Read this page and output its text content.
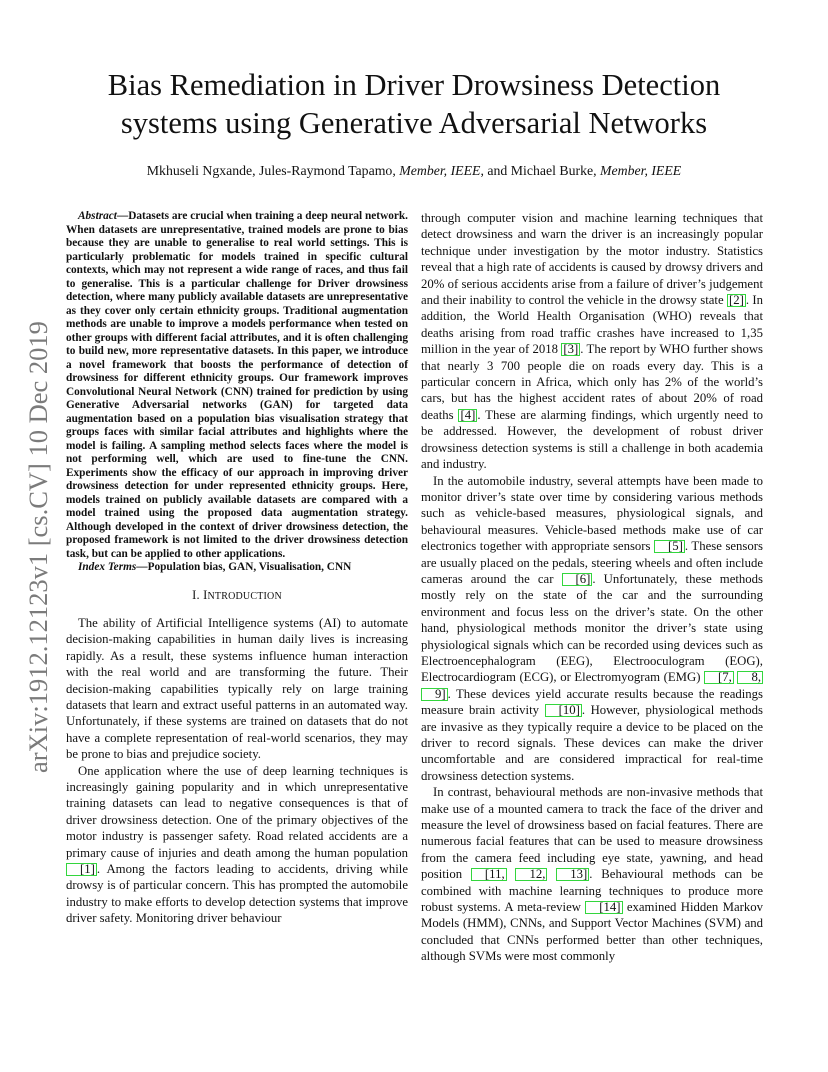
arXiv:1912.12123v1 [cs.CV] 10 Dec 2019
Bias Remediation in Driver Drowsiness Detection
systems using Generative Adversarial Networks
Mkhuseli Ngxande, Jules-Raymond Tapamo, Member, IEEE, and Michael Burke, Member, IEEE

Abstract—Datasets are crucial when training a deep neural network. When datasets are unrepresentative, trained models are prone to bias because they are unable to generalise to real world settings. This is particularly problematic for models trained in specific cultural contexts, which may not represent a wide range of races, and thus fail to generalise. This is a particular challenge for Driver drowsiness detection, where many publicly available datasets are unrepresentative as they cover only certain ethnicity groups. Traditional augmentation methods are unable to improve a models performance when tested on other groups with different facial attributes, and it is often challenging to build new, more representative datasets. In this paper, we introduce a novel framework that boosts the performance of detection of drowsiness for different ethnicity groups. Our framework improves Convolutional Neural Network (CNN) trained for prediction by using Generative Adversarial networks (GAN) for targeted data augmentation based on a population bias visualisation strategy that groups faces with similar facial attributes and highlights where the model is failing. A sampling method selects faces where the model is not performing well, which are used to fine-tune the CNN. Experiments show the efficacy of our approach in improving driver drowsiness detection for under represented ethnicity groups. Here, models trained on publicly available datasets are compared with a model trained using the proposed data augmentation strategy. Although developed in the context of driver drowsiness detection, the proposed framework is not limited to the driver drowsiness detection task, but can be applied to other applications.

Index Terms—Population bias, GAN, Visualisation, CNN

I. INTRODUCTION

The ability of Artificial Intelligence systems (AI) to automate decision-making capabilities in human daily lives is increasing rapidly. As a result, these systems influence human interaction with the real world and are transforming the future. Their decision-making capabilities typically rely on large training datasets that learn and extract useful patterns in an automated way. Unfortunately, if these systems are trained on datasets that do not have a complete representation of real-world scenarios, they may be prone to bias and prejudice society.

One application where the use of deep learning techniques is increasingly gaining popularity and in which unrepresentative training datasets can lead to negative consequences is that of driver drowsiness detection. One of the primary objectives of the motor industry is passenger safety. Road related accidents are a primary cause of injuries and death among the human population [1] . Among the factors leading to accidents, driving while drowsy is of particular concern. This has prompted the automobile industry to make efforts to develop detection systems that improve driver safety. Monitoring driver behaviour

through computer vision and machine learning techniques that detect drowsiness and warn the driver is an increasingly popular technique under investigation by the motor industry. Statistics reveal that a high rate of accidents is caused by drowsy drivers and 20% of serious accidents arise from a failure of driver’s judgement and their inability to control the vehicle in the drowsy state [2] . In addition, the World Health Organisation (WHO) reveals that deaths arising from road traffic crashes have increased to 1,35 million in the year of 2018 [3] . The report by WHO further shows that nearly 3 700 people die on roads every day. This is a particular concern in Africa, which only has 2% of the world’s cars, but has the highest accident rates of about 20% of road deaths [4] . These are alarming findings, which urgently need to be addressed. However, the development of robust driver drowsiness detection systems is still a challenge in both academia and industry.

In the automobile industry, several attempts have been made to monitor driver’s state over time by considering various methods such as vehicle-based measures, physiological signals, and behavioural measures. Vehicle-based methods make use of car electronics together with appropriate sensors [5] . These sensors are usually placed on the pedals, steering wheels and often include cameras around the car [6] . Unfortunately, these methods mostly rely on the state of the car and the surrounding environment and focus less on the driver’s state. On the other hand, physiological methods monitor the driver’s state using physiological signals which can be recorded using devices such as Electroencephalogram (EEG), Electrooculogram (EOG), Electrocardiogram (ECG), or Electromyogram (EMG) [7, 8, 9] . These devices yield accurate results because the readings measure brain activity [10] . However, physiological methods are invasive as they typically require a device to be placed on the driver to record signals. These devices can make the driver uncomfortable and are considered impractical for real-time drowsiness detection systems.

In contrast, behavioural methods are non-invasive methods that make use of a mounted camera to track the face of the driver and measure the level of drowsiness based on facial features. There are numerous facial features that can be used to measure drowsiness from the camera feed including eye state, yawning, and head position [11, 12, 13] . Behavioural methods can be combined with machine learning techniques to produce more robust systems. A meta-review [14] examined Hidden Markov Models (HMM), CNNs, and Support Vector Machines (SVM) and concluded that CNNs performed better than other techniques, although SVMs were most commonly
